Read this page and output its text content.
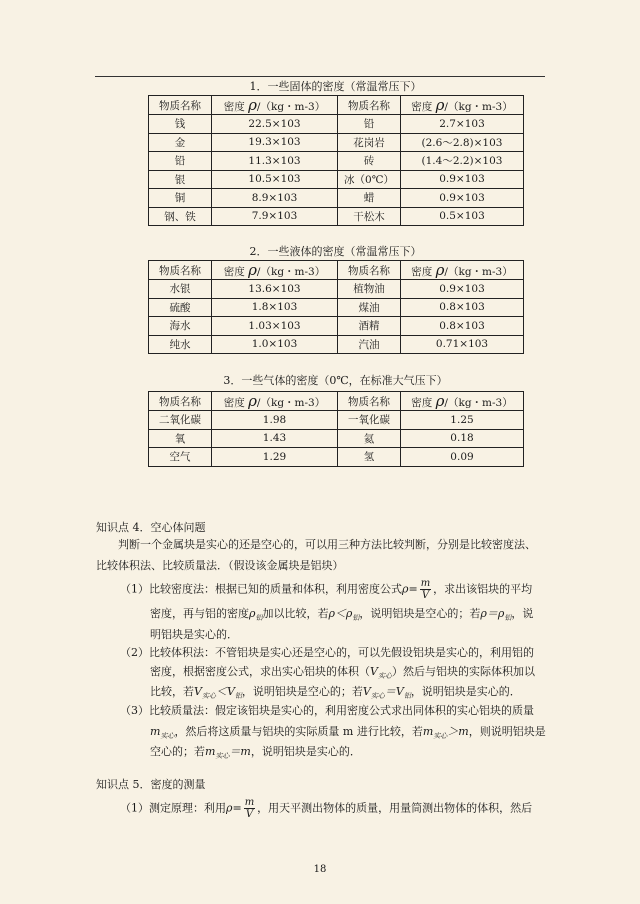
1．一些固体的密度（常温常压下）
物质名称	密度 ρ/（kg・m-3）	物质名称	密度 ρ/（kg・m-3）
钱	22.5×103	铅	2.7×103
金	19.3×103	花岗岩	(2.6～2.8)×103
铅	11.3×103	砖	(1.4～2.2)×103
银	10.5×103	冰（0℃）	0.9×103
铜	8.9×103	蜡	0.9×103
钢、铁	7.9×103	干松木	0.5×103
2．一些液体的密度（常温常压下）
物质名称	密度 ρ/（kg・m-3）	物质名称	密度 ρ/（kg・m-3）
水银	13.6×103	植物油	0.9×103
硫酸	1.8×103	煤油	0.8×103
海水	1.03×103	酒精	0.8×103
纯水	1.0×103	汽油	0.71×103
3．一些气体的密度（0℃，在标准大气压下）
物质名称	密度 ρ/（kg・m-3）	物质名称	密度 ρ/（kg・m-3）
二氧化碳	1.98	一氧化碳	1.25
氧	1.43	氦	0.18
空气	1.29	氢	0.09
知识点 4．空心体问题
判断一个金属块是实心的还是空心的，可以用三种方法比较判断，分别是比较密度法、
比较体积法、比较质量法．（假设该金属块是铝块）
（1）比较密度法：根据已知的质量和体积，利用密度公式$\rho= \frac{m}{V}$ ，求出该铝块的平均
密度，再与铝的密度$\rho_铝$加以比较，若$\rho<\rho_铝$，说明铝块是空心的；若$\rho=\rho_铝$，说
明铝块是实心的．
（2）比较体积法：不管铝块是实心还是空心的，可以先假设铝块是实心的，利用铝的
密度，根据密度公式，求出实心铝块的体积$(V_{实心})$然后与铝块的实际体积加以
比较，若$V_{实心}<V_铝$，说明铝块是空心的；若$V_{实心}=V_铝$，说明铝块是实心的．
（3）比较质量法：假定该铝块是实心的，利用密度公式求出同体积的实心铝块的质量
$m_{实心}$，然后将这质量与铝块的实际质量 m 进行比较，若$m_{实心}>m$，则说明铝块是
空心的；若$m_{实心}=m$，说明铝块是实心的．
知识点 5．密度的测量
（1）测定原理：利用$\rho= \frac{m}{V}$ ，用天平测出物体的质量，用量筒测出物体的体积，然后
18
